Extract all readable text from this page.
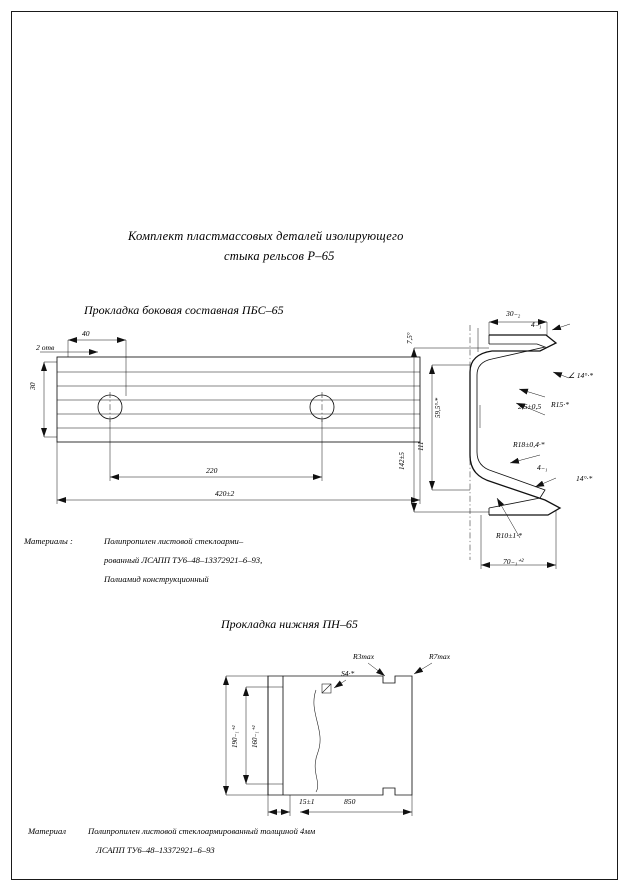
Комплект пластмассовых деталей изолирующего
стыка рельсов Р–65
Прокладка боковая составная ПБС–65
40
2 отв
30
220
420±2
30₋₂
4₋₁
7,5°
59,5°·*
111
142±5
∠ 14°·*
2,5±0,5 R15·*
R18±0,4·*
4₋₁
14°·*
R10±1·*
70₋₁⁺²
Материалы :	Полипропилен листовой стеклоарми–
рованный ЛСАПП ТУ6–48–13372921–6–93,
Полиамид конструкционный
Прокладка нижняя ПН–65
R3max
S4·*
R7max
190₋₁⁺² 160₋₁⁺²
15±1	850
Материал	Полипропилен листовой стеклоармированный толщиной 4мм
ЛСАПП ТУ6–48–13372921–6–93
